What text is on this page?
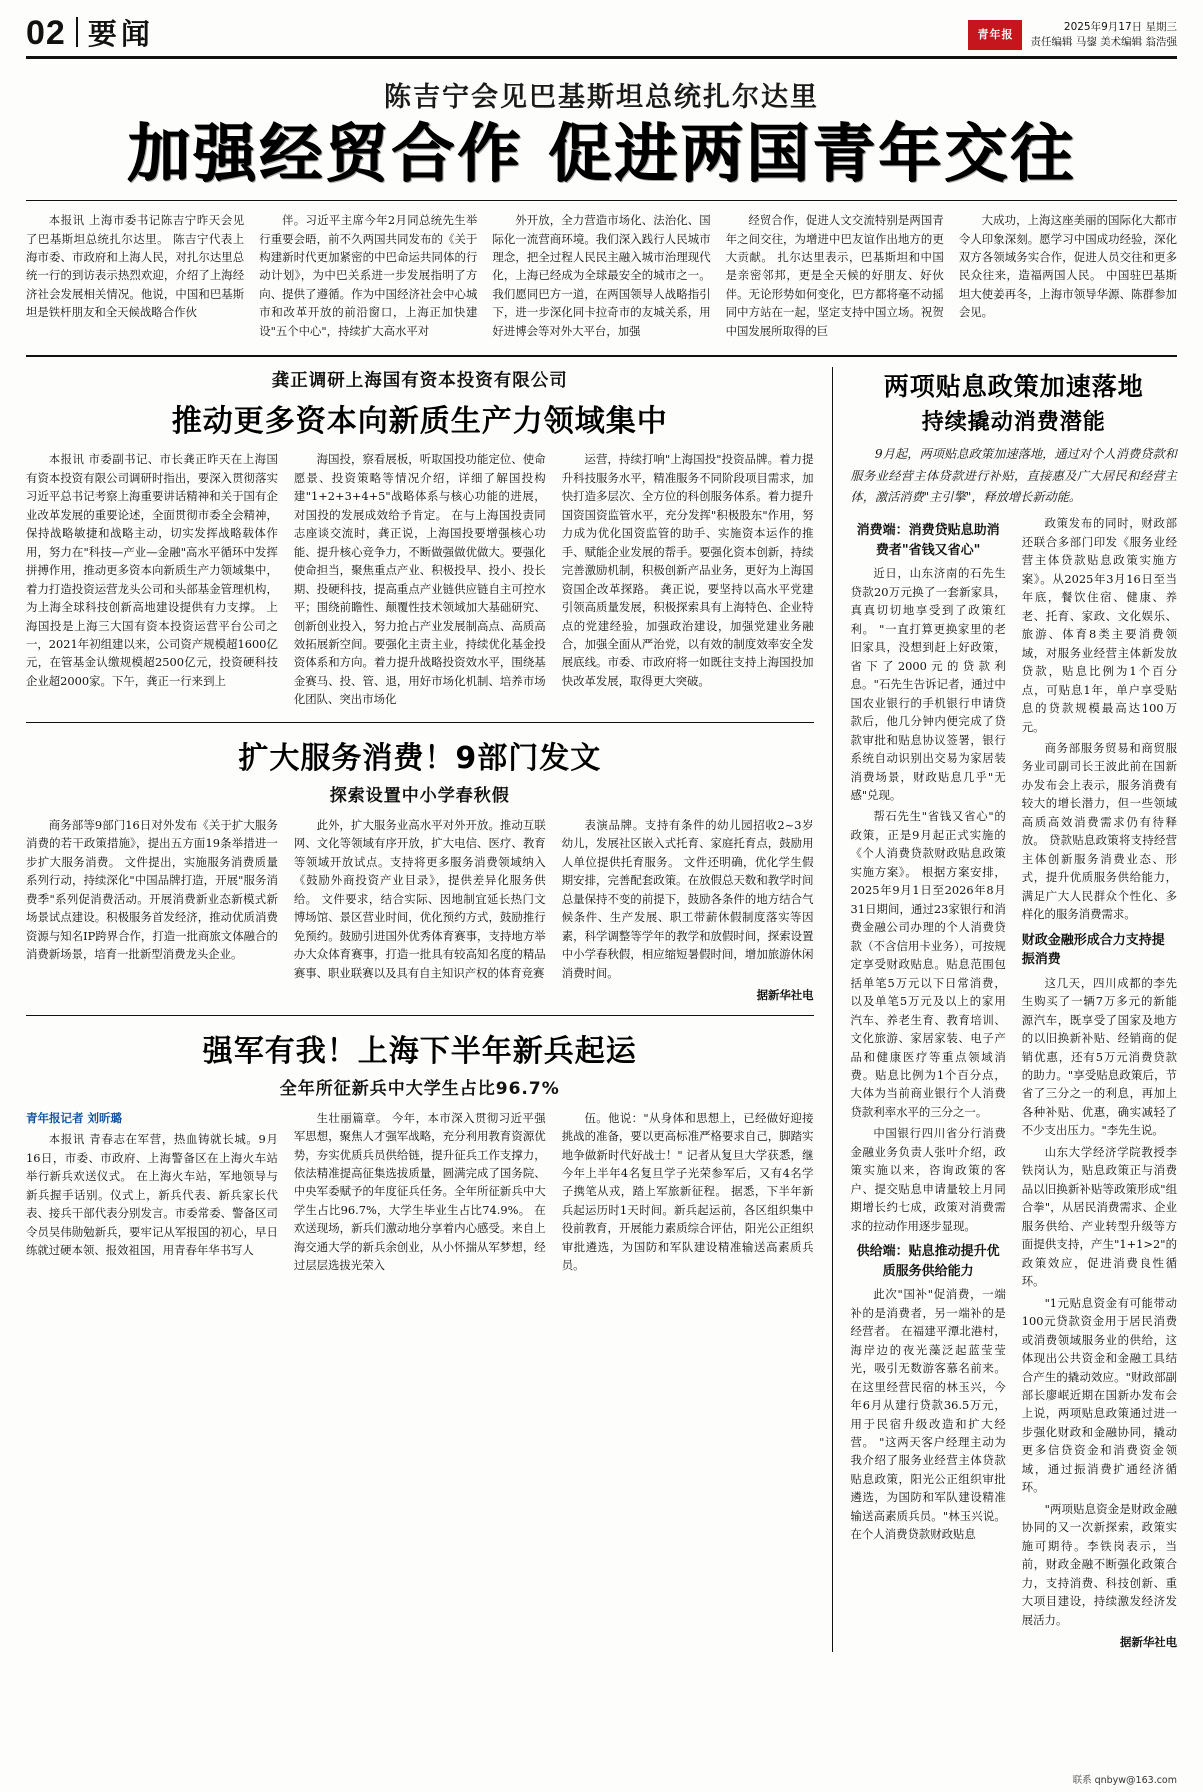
02 要闻	青年报
2025年9月17日 星期三
责任编辑 马鋆 美术编辑 翁浩强
陈吉宁会见巴基斯坦总统扎尔达里
加强经贸合作 促进两国青年交往

本报讯 上海市委书记陈吉宁昨天会见了巴基斯坦总统扎尔达里。 陈吉宁代表上海市委、市政府和上海人民，对扎尔达里总统一行的到访表示热烈欢迎，介绍了上海经济社会发展相关情况。他说，中国和巴基斯坦是铁杆朋友和全天候战略合作伙

伴。习近平主席今年2月同总统先生举行重要会晤，前不久两国共同发布的《关于构建新时代更加紧密的中巴命运共同体的行动计划》，为中巴关系进一步发展指明了方向、提供了遵循。作为中国经济社会中心城市和改革开放的前沿窗口，上海正加快建设"五个中心"，持续扩大高水平对

外开放，全力营造市场化、法治化、国际化一流营商环境。我们深入践行人民城市理念，把全过程人民民主融入城市治理现代化，上海已经成为全球最安全的城市之一。我们愿同巴方一道，在两国领导人战略指引下，进一步深化同卡拉奇市的友城关系，用好进博会等对外大平台，加强

经贸合作，促进人文交流特别是两国青年之间交往，为增进中巴友谊作出地方的更大贡献。 扎尔达里表示，巴基斯坦和中国是亲密邻邦，更是全天候的好朋友、好伙伴。无论形势如何变化，巴方都将毫不动摇同中方站在一起，坚定支持中国立场。祝贺中国发展所取得的巨

大成功，上海这座美丽的国际化大都市令人印象深刻。愿学习中国成功经验，深化双方各领域务实合作，促进人员交往和更多民众往来，造福两国人民。 中国驻巴基斯坦大使姜再冬，上海市领导华源、陈群参加会见。

龚正调研上海国有资本投资有限公司
推动更多资本向新质生产力领域集中

本报讯 市委副书记、市长龚正昨天在上海国有资本投资有限公司调研时指出，要深入贯彻落实习近平总书记考察上海重要讲话精神和关于国有企业改革发展的重要论述，全面贯彻市委全会精神，保持战略敏捷和战略主动，切实发挥战略载体作用，努力在"科技—产业—金融"高水平循环中发挥拼搏作用，推动更多资本向新质生产力领域集中，着力打造投资运营龙头公司和头部基金管理机构，为上海全球科技创新高地建设提供有力支撑。 上海国投是上海三大国有资本投资运营平台公司之一，2021年初组建以来，公司资产规模超1600亿元，在管基金认缴规模超2500亿元，投资硬科技企业超2000家。下午，龚正一行来到上

海国投，察看展板，听取国投功能定位、使命愿景、投资策略等情况介绍，详细了解国投构建"1+2+3+4+5"战略体系与核心功能的进展，对国投的发展成效给予肯定。 在与上海国投责同志座谈交流时，龚正说，上海国投要增强核心功能、提升核心竞争力，不断做强做优做大。要强化使命担当，聚焦重点产业、积极投早、投小、投长期、投硬科技，提高重点产业链供应链自主可控水平；围绕前瞻性、颠覆性技术领域加大基础研究、创新创业投入，努力抢占产业发展制高点、高质高效拓展新空间。要强化主责主业，持续优化基金投资体系和方向。着力提升战略投资效水平，围绕基金赛马、投、管、退，用好市场化机制、培养市场化团队、突出市场化

运营，持续打响"上海国投"投资品牌。着力提升科技服务水平，精准服务不同阶段项目需求，加快打造多层次、全方位的科创服务体系。着力提升国资国资监管水平，充分发挥"积极股东"作用，努力成为优化国资监管的助手、实施资本运作的推手、赋能企业发展的帮手。要强化资本创新，持续完善激励机制，积极创新产品业务，更好为上海国资国企改革探路。 龚正说，要坚持以高水平党建引领高质量发展，积极探索具有上海特色、企业特点的党建经验，加强政治建设，加强党建业务融合，加强全面从严治党，以有效的制度效率安全发展底线。市委、市政府将一如既往支持上海国投加快改革发展，取得更大突破。

扩大服务消费！9部门发文
探索设置中小学春秋假

商务部等9部门16日对外发布《关于扩大服务消费的若干政策措施》，提出五方面19条举措进一步扩大服务消费。 文件提出，实施服务消费质量系列行动，持续深化"中国品牌打造，开展"服务消费季"系列促消费活动。开展消费新业态新模式新场景试点建设。积极服务首发经济，推动优质消费资源与知名IP跨界合作，打造一批商旅文体融合的消费新场景，培育一批新型消费龙头企业。

此外，扩大服务业高水平对外开放。推动互联网、文化等领域有序开放，扩大电信、医疗、教育等领域开放试点。支持将更多服务消费领域纳入《鼓励外商投资产业目录》，提供差异化服务供给。 文件要求，结合实际、因地制宜延长热门文博场馆、景区营业时间，优化预约方式，鼓励推行免预约。鼓励引进国外优秀体育赛事，支持地方举办大众体育赛事，打造一批具有较高知名度的精品赛事、职业联赛以及具有自主知识产权的体育竞赛

表演品牌。支持有条件的幼儿园招收2~3岁幼儿，发展社区嵌入式托育、家庭托育点，鼓励用人单位提供托育服务。 文件还明确，优化学生假期安排，完善配套政策。在放假总天数和教学时间总量保持不变的前提下，鼓励各条件的地方结合气候条件、生产发展、职工带薪休假制度落实等因素，科学调整等学年的教学和放假时间，探索设置中小学春秋假，相应缩短暑假时间，增加旅游休闲消费时间。

据新华社电
强军有我！上海下半年新兵起运
全年所征新兵中大学生占比96.7%
青年报记者 刘昕璐

本报讯 青春志在军营，热血铸就长城。9月16日，市委、市政府、上海警备区在上海火车站举行新兵欢送仪式。 在上海火车站，军地领导与新兵握手话别。仪式上，新兵代表、新兵家长代表、接兵干部代表分别发言。市委常委、警备区司令员吴伟勋勉新兵，要牢记从军报国的初心，早日练就过硬本领、报效祖国，用青春年华书写人

生壮丽篇章。 今年，本市深入贯彻习近平强军思想，聚焦人才强军战略，充分利用教育资源优势，夯实优质兵员供给链，提升征兵工作支撑力，依法精准提高征集选拔质量，圆满完成了国务院、中央军委赋予的年度征兵任务。全年所征新兵中大学生占比96.7%，大学生毕业生占比74.9%。 在欢送现场，新兵们激动地分享着内心感受。来自上海交通大学的新兵余创业，从小怀揣从军梦想，经过层层选拔光荣入

伍。他说："从身体和思想上，已经做好迎接挑战的准备，要以更高标准严格要求自己，脚踏实地争做新时代好战士！" 记者从复旦大学获悉，继今年上半年4名复旦学子光荣参军后，又有4名学子携笔从戎，踏上军旅新征程。 据悉，下半年新兵起运历时1天时间。新兵起运前，各区组织集中役前教育，开展能力素质综合评估，阳光公正组织审批遴选，为国防和军队建设精准输送高素质兵员。

两项贴息政策加速落地
持续撬动消费潜能
9月起，两项贴息政策加速落地，通过对个人消费贷款和服务业经营主体贷款进行补贴，直接惠及广大居民和经营主体，激活消费"主引擎"，释放增长新动能。
消费端：消费贷贴息助消费者"省钱又省心"

近日，山东济南的石先生贷款20万元换了一套新家具，真真切切地享受到了政策红利。 "一直打算更换家里的老旧家具，没想到赶上好政策，省下了2000元的贷款利息。"石先生告诉记者，通过中国农业银行的手机银行申请贷款后，他几分钟内便完成了贷款审批和贴息协议签署，银行系统自动识别出交易为家居装消费场景，财政贴息几乎"无感"兑现。

帮石先生"省钱又省心"的政策，正是9月起正式实施的《个人消费贷款财政贴息政策实施方案》。 根据方案安排，2025年9月1日至2026年8月31日期间，通过23家银行和消费金融公司办理的个人消费贷款（不含信用卡业务），可按规定享受财政贴息。贴息范围包括单笔5万元以下日常消费，以及单笔5万元及以上的家用汽车、养老生育、教育培训、文化旅游、家居家装、电子产品和健康医疗等重点领域消费。贴息比例为1个百分点，大体为当前商业银行个人消费贷款利率水平的三分之一。

中国银行四川省分行消费金融业务负责人张叶介绍，政策实施以来，咨询政策的客户、提交贴息申请量较上月同期增长约七成，政策对消费需求的拉动作用逐步显现。

供给端：贴息推动提升优质服务供给能力

此次"国补"促消费，一端补的是消费者，另一端补的是经营者。 在福建平潭北港村，海岸边的夜光藻泛起蓝莹莹光，吸引无数游客慕名前来。在这里经营民宿的林玉兴，今年6月从建行贷款36.5万元，用于民宿升级改造和扩大经营。 "这两天客户经理主动为我介绍了服务业经营主体贷款贴息政策，阳光公正组织审批遴选，为国防和军队建设精准输送高素质兵员。"林玉兴说。 在个人消费贷款财政贴息

政策发布的同时，财政部还联合多部门印发《服务业经营主体贷款贴息政策实施方案》。从2025年3月16日至当年底，餐饮住宿、健康、养老、托育、家政、文化娱乐、旅游、体育8类主要消费领域，对服务业经营主体新发放贷款，贴息比例为1个百分点，可贴息1年，单户享受贴息的贷款规模最高达100万元。

商务部服务贸易和商贸服务业司副司长王波此前在国新办发布会上表示，服务消费有较大的增长潜力，但一些领域高质高效消费需求仍有待释放。 贷款贴息政策将支持经营主体创新服务消费业态、形式，提升优质服务供给能力，满足广大人民群众个性化、多样化的服务消费需求。

财政金融形成合力支持提振消费

这几天，四川成都的李先生购买了一辆7万多元的新能源汽车，既享受了国家及地方的以旧换新补贴、经销商的促销优惠，还有5万元消费贷款的助力。"享受贴息政策后，节省了三分之一的利息，再加上各种补贴、优惠，确实减轻了不少支出压力。"李先生说。

山东大学经济学院教授李铁岗认为，贴息政策正与消费品以旧换新补贴等政策形成"组合拳"，从居民消费需求、企业服务供给、产业转型升级等方面提供支持，产生"1+1>2"的政策效应，促进消费良性循环。

"1元贴息资金有可能带动100元贷款资金用于居民消费或消费领域服务业的供给，这体现出公共资金和金融工具结合产生的撬动效应。"财政部副部长廖岷近期在国新办发布会上说，两项贴息政策通过进一步强化财政和金融协同，撬动更多信贷资金和消费资金领域，通过振消费扩通经济循环。

"两项贴息资金是财政金融协同的又一次新探索，政策实施可期待。李铁岗表示，当前，财政金融不断强化政策合力，支持消费、科技创新、重大项目建设，持续激发经济发展活力。

据新华社电
联系 qnbyw@163.com
